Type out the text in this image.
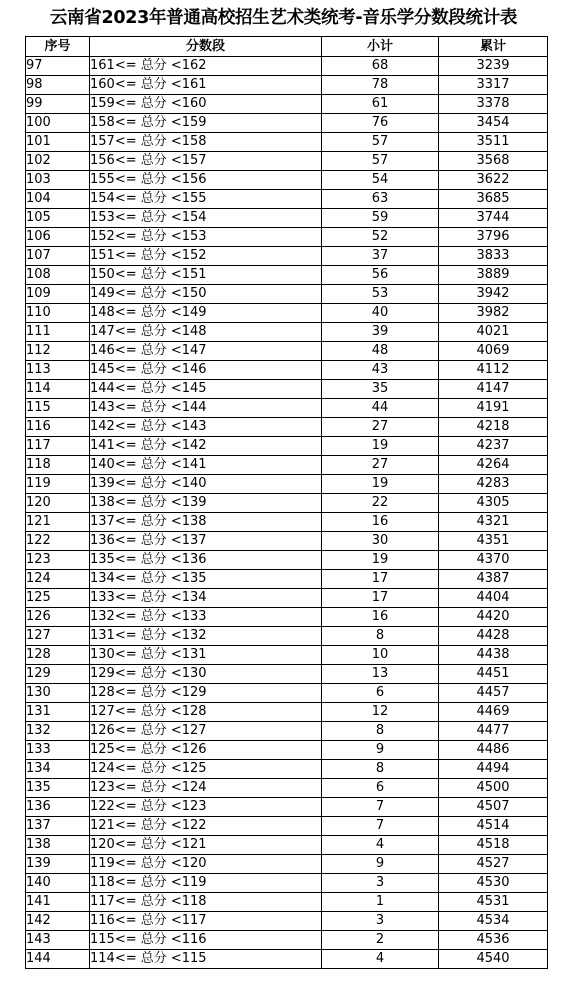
云南省2023年普通高校招生艺术类统考-音乐学分数段统计表
⠀
序号	分数段	小计	累计
97	161<= 总分 <162	68	3239
98	160<= 总分 <161	78	3317
99	159<= 总分 <160	61	3378
100	158<= 总分 <159	76	3454
101	157<= 总分 <158	57	3511
102	156<= 总分 <157	57	3568
103	155<= 总分 <156	54	3622
104	154<= 总分 <155	63	3685
105	153<= 总分 <154	59	3744
106	152<= 总分 <153	52	3796
107	151<= 总分 <152	37	3833
108	150<= 总分 <151	56	3889
109	149<= 总分 <150	53	3942
110	148<= 总分 <149	40	3982
111	147<= 总分 <148	39	4021
112	146<= 总分 <147	48	4069
113	145<= 总分 <146	43	4112
114	144<= 总分 <145	35	4147
115	143<= 总分 <144	44	4191
116	142<= 总分 <143	27	4218
117	141<= 总分 <142	19	4237
118	140<= 总分 <141	27	4264
119	139<= 总分 <140	19	4283
120	138<= 总分 <139	22	4305
121	137<= 总分 <138	16	4321
122	136<= 总分 <137	30	4351
123	135<= 总分 <136	19	4370
124	134<= 总分 <135	17	4387
125	133<= 总分 <134	17	4404
126	132<= 总分 <133	16	4420
127	131<= 总分 <132	8	4428
128	130<= 总分 <131	10	4438
129	129<= 总分 <130	13	4451
130	128<= 总分 <129	6	4457
131	127<= 总分 <128	12	4469
132	126<= 总分 <127	8	4477
133	125<= 总分 <126	9	4486
134	124<= 总分 <125	8	4494
135	123<= 总分 <124	6	4500
136	122<= 总分 <123	7	4507
137	121<= 总分 <122	7	4514
138	120<= 总分 <121	4	4518
139	119<= 总分 <120	9	4527
140	118<= 总分 <119	3	4530
141	117<= 总分 <118	1	4531
142	116<= 总分 <117	3	4534
143	115<= 总分 <116	2	4536
144	114<= 总分 <115	4	4540
